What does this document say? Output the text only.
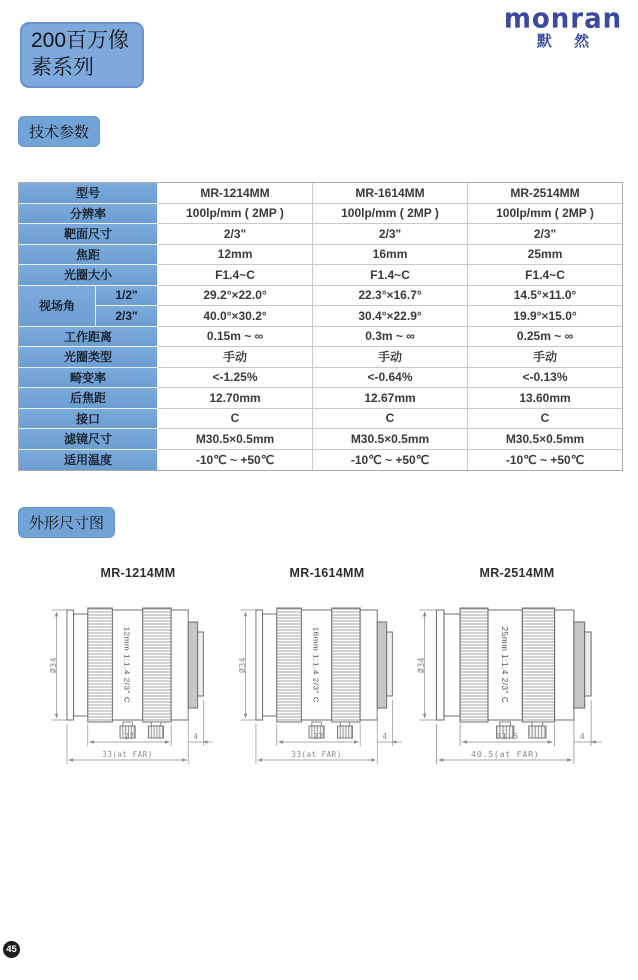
200百万像
素系列
monran
默 然
技术参数
型号		MR-1214MM	MR-1614MM	MR-2514MM
分辨率		100lp/mm ( 2MP )	100lp/mm ( 2MP )	100lp/mm ( 2MP )
靶面尺寸		2/3"	2/3"	2/3"
焦距		12mm	16mm	25mm
光圈大小		F1.4~C	F1.4~C	F1.4~C
视场角	1/2"	29.2°×22.0°	22.3°×16.7°	14.5°×11.0°
	2/3"	40.0°×30.2°	30.4°×22.9°	19.9°×15.0°
工作距离		0.15m ~ ∞	0.3m ~ ∞	0.25m ~ ∞
光圈类型		手动	手动	手动
畸变率		<-1.25%	<-0.64%	<-0.13%
后焦距		12.70mm	12.67mm	13.60mm
接口		C	C	C
滤镜尺寸		M30.5×0.5mm	M30.5×0.5mm	M30.5×0.5mm
适用温度		-10℃ ~ +50℃	-10℃ ~ +50℃	-10℃ ~ +50℃
外形尺寸图
MR-1214MM
Ø34	12mm 1:1.4 2/3" C
27	4
33(at FAR)
MR-1614MM
Ø34	16mm 1:1.4 2/3" C
27	4
33(at FAR)
MR-2514MM
Ø34	25mm 1:1.4 2/3" C
31.5	4
40.5(at FAR)
45
